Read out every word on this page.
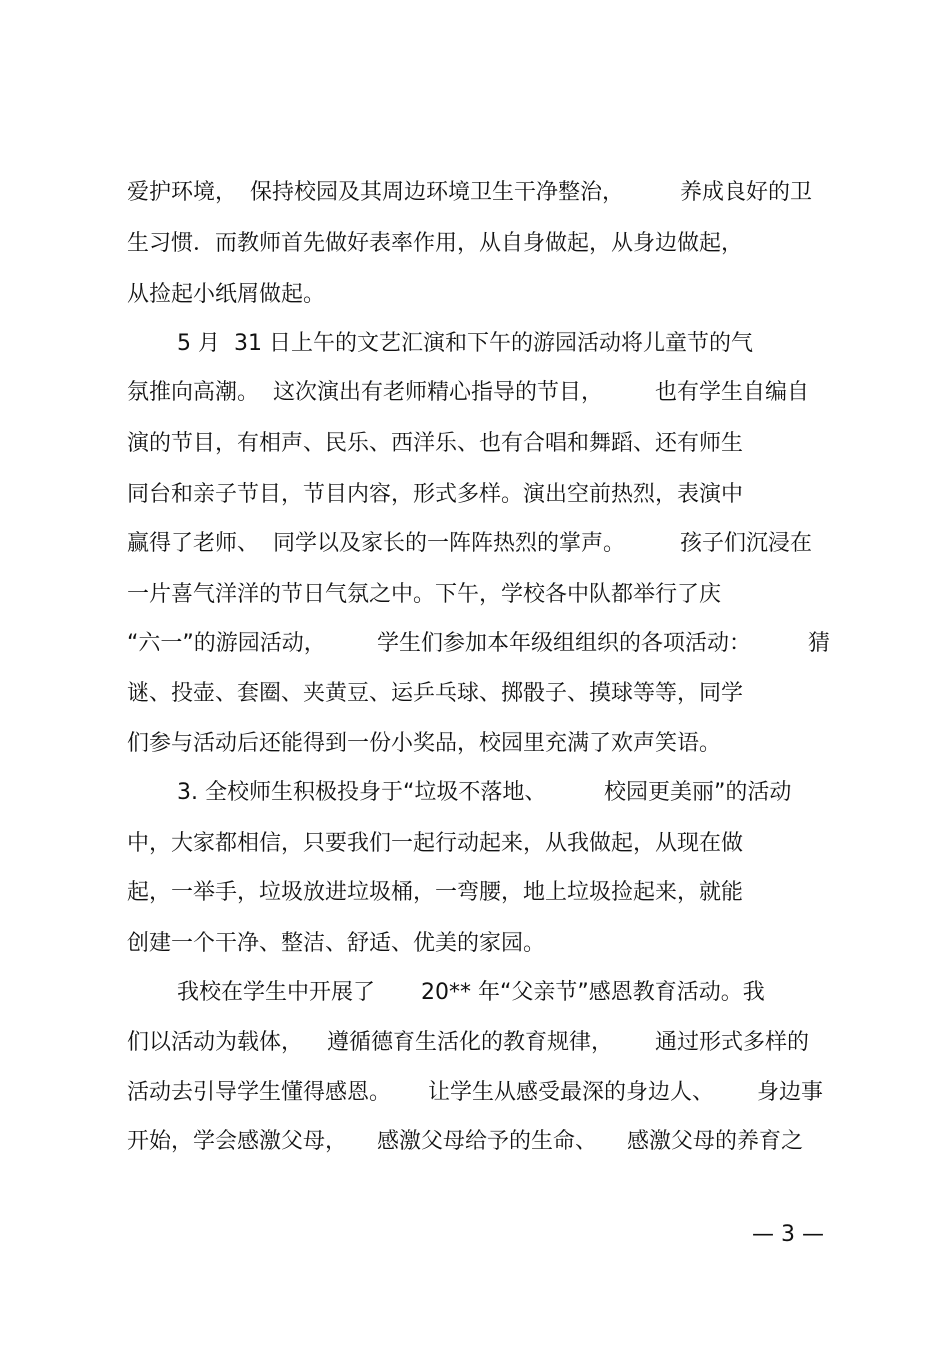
爱护环境，

保持校园及其周边环境卫生干净整治，

	养成良好的卫

生习惯．而教师首先做好表率作用，从自身做起，从身边做起，

从捡起小纸屑做起。

5 月  31 日上午的文艺汇演和下午的游园活动将儿童节的气

氛推向高潮。

这次演出有老师精心指导的节目，

也有学生自编自

演的节目，有相声、民乐、西洋乐、也有合唱和舞蹈、还有师生

同台和亲子节目，节目内容，形式多样。演出空前热烈，表演中

赢得了老师、

同学以及家长的一阵阵热烈的掌声。

孩子们沉浸在

一片喜气洋洋的节日气氛之中。下午，学校各中队都举行了庆

“六一”的游园活动，

学生们参加本年级组组织的各项活动：

	猜

谜、投壶、套圈、夹黄豆、运乒乓球、掷骰子、摸球等等，同学

们参与活动后还能得到一份小奖品，校园里充满了欢声笑语。

3. 全校师生积极投身于“垃圾不落地、

	校园更美丽”的活动

中，大家都相信，只要我们一起行动起来，从我做起，从现在做

起，一举手，垃圾放进垃圾桶，一弯腰，地上垃圾捡起来，就能

创建一个干净、整洁、舒适、优美的家园。

我校在学生中开展了

20** 年“父亲节”感恩教育活动。我

们以活动为载体，

遵循德育生活化的教育规律，

通过形式多样的

活动去引导学生懂得感恩。

让学生从感受最深的身边人、

身边事

开始，学会感激父母，

感激父母给予的生命、

感激父母的养育之

— 3 —
